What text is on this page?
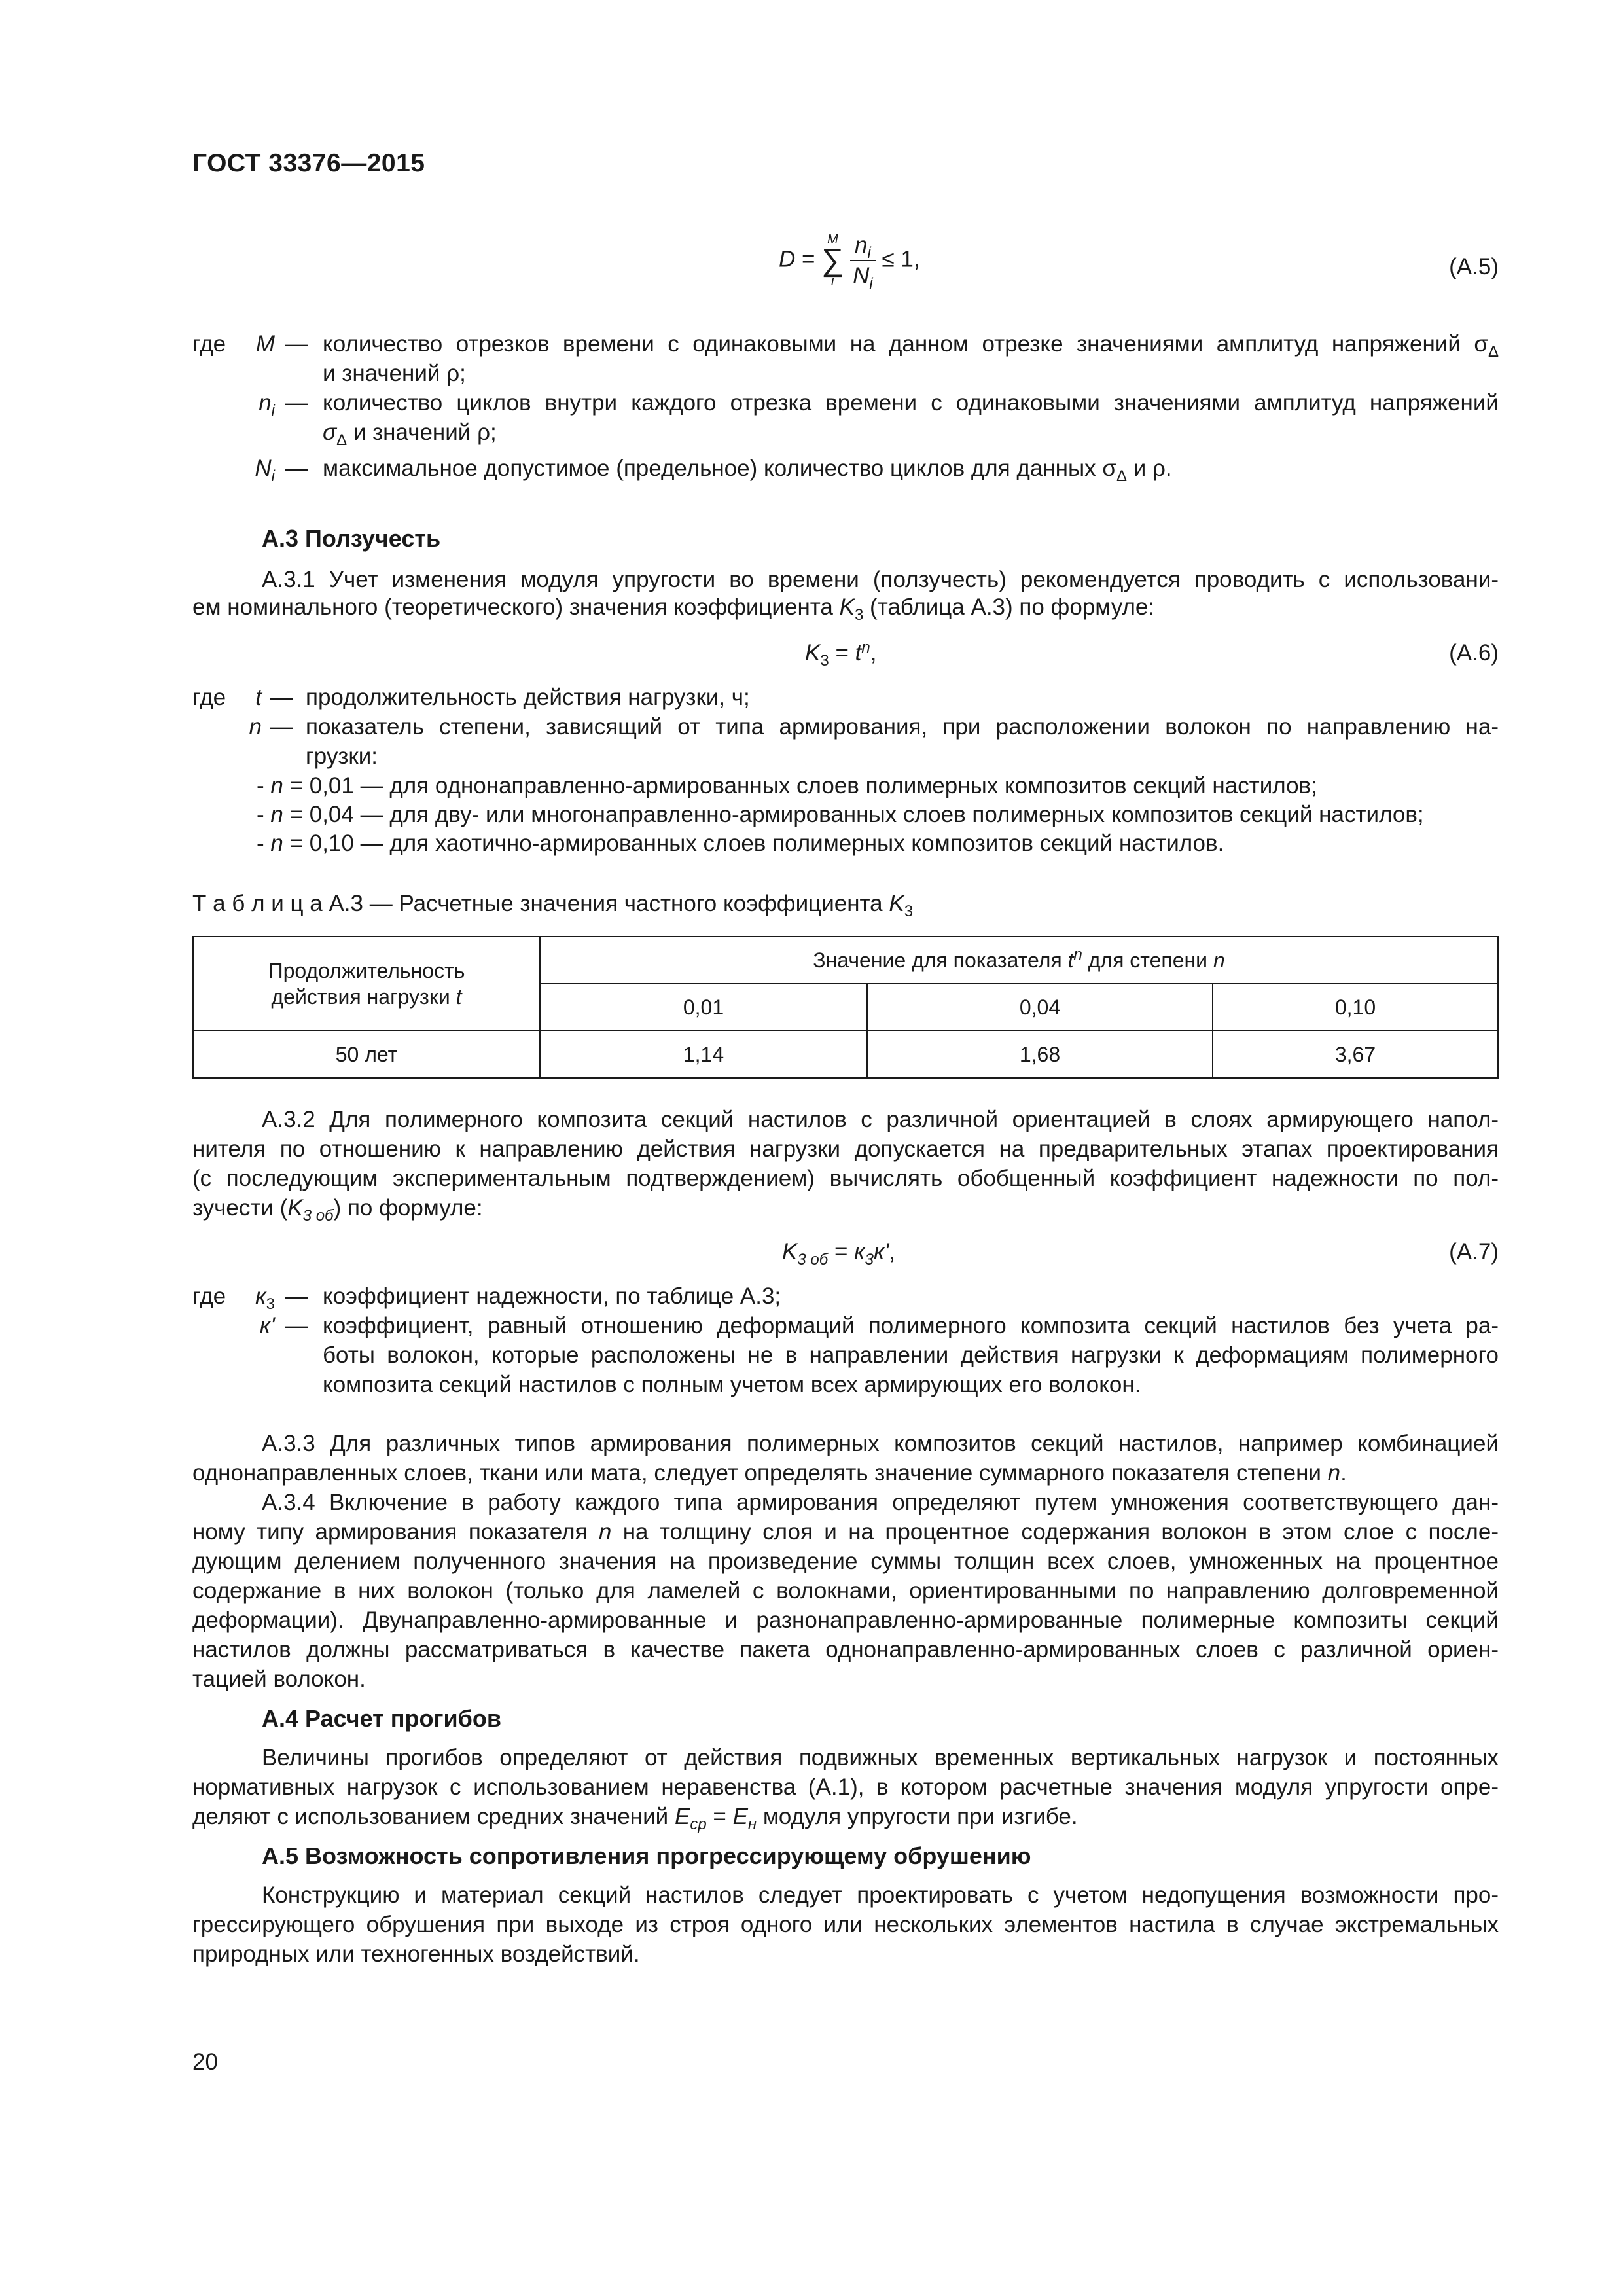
ГОСТ 33376—2015
D =
M
∑
i
$\frac{n_i}{N_i} \le 1$,	(A.5)
где	M — количество отрезков времени с одинаковыми на данном отрезке значениями амплитуд напряжений $\sigma_\Delta$
и значений ρ;
$n_i$ — количество циклов внутри каждого отрезка времени с одинаковыми значениями амплитуд напряжений
$\sigma_\Delta$ и значений ρ;
$N_i$ — максимальное допустимое (предельное) количество циклов для данных $\sigma_\Delta$ и ρ.
А.3 Ползучесть
А.3.1 Учет изменения модуля упругости во времени (ползучесть) рекомендуется проводить с использовани-
ем номинального (теоретического) значения коэффициента $K_3$ (таблица А.3) по формуле:
$K_3 = t^n$,	(A.6)
где	t — продолжительность действия нагрузки, ч;
n — показатель степени, зависящий от типа армирования, при расположении волокон по направлению на-
грузки:
- n = 0,01 — для однонаправленно-армированных слоев полимерных композитов секций настилов;
- n = 0,04 — для дву- или многонаправленно-армированных слоев полимерных композитов секций настилов;
- n = 0,10 — для хаотично-армированных слоев полимерных композитов секций настилов.
Т а б л и ц а А.3 — Расчетные значения частного коэффициента $K_3$
Продолжительность
действия нагрузки t	Значение для показателя $t^n$ для степени n		
	0,01	0,04	0,10
50 лет	1,14	1,68	3,67
А.3.2 Для полимерного композита секций настилов с различной ориентацией в слоях армирующего напол-
нителя по отношению к направлению действия нагрузки допускается на предварительных этапах проектирования
(с последующим экспериментальным подтверждением) вычислять обобщенный коэффициент надежности по пол-
зучести $(K_{3 об})$ по формуле:
$K_{3 об} = к_3к'$,	(A.7)
где	$к_3$ — коэффициент надежности, по таблице А.3;
к' — коэффициент, равный отношению деформаций полимерного композита секций настилов без учета ра-
боты волокон, которые расположены не в направлении действия нагрузки к деформациям полимерного
композита секций настилов с полным учетом всех армирующих его волокон.
А.3.3 Для различных типов армирования полимерных композитов секций настилов, например комбинацией
однонаправленных слоев, ткани или мата, следует определять значение суммарного показателя степени n.
А.3.4 Включение в работу каждого типа армирования определяют путем умножения соответствующего дан-
ному типу армирования показателя n на толщину слоя и на процентное содержания волокон в этом слое с после-
дующим делением полученного значения на произведение суммы толщин всех слоев, умноженных на процентное
содержание в них волокон (только для ламелей с волокнами, ориентированными по направлению долговременной
деформации). Двунаправленно-армированные и разнонаправленно-армированные полимерные композиты секций
настилов должны рассматриваться в качестве пакета однонаправленно-армированных слоев с различной ориен-
тацией волокон.
А.4 Расчет прогибов
Величины прогибов определяют от действия подвижных временных вертикальных нагрузок и постоянных
нормативных нагрузок с использованием неравенства (А.1), в котором расчетные значения модуля упругости опре-
деляют с использованием средних значений $E_{ср} = E_н$ модуля упругости при изгибе.
А.5 Возможность сопротивления прогрессирующему обрушению
Конструкцию и материал секций настилов следует проектировать с учетом недопущения возможности про-
грессирующего обрушения при выходе из строя одного или нескольких элементов настила в случае экстремальных
природных или техногенных воздействий.
20
